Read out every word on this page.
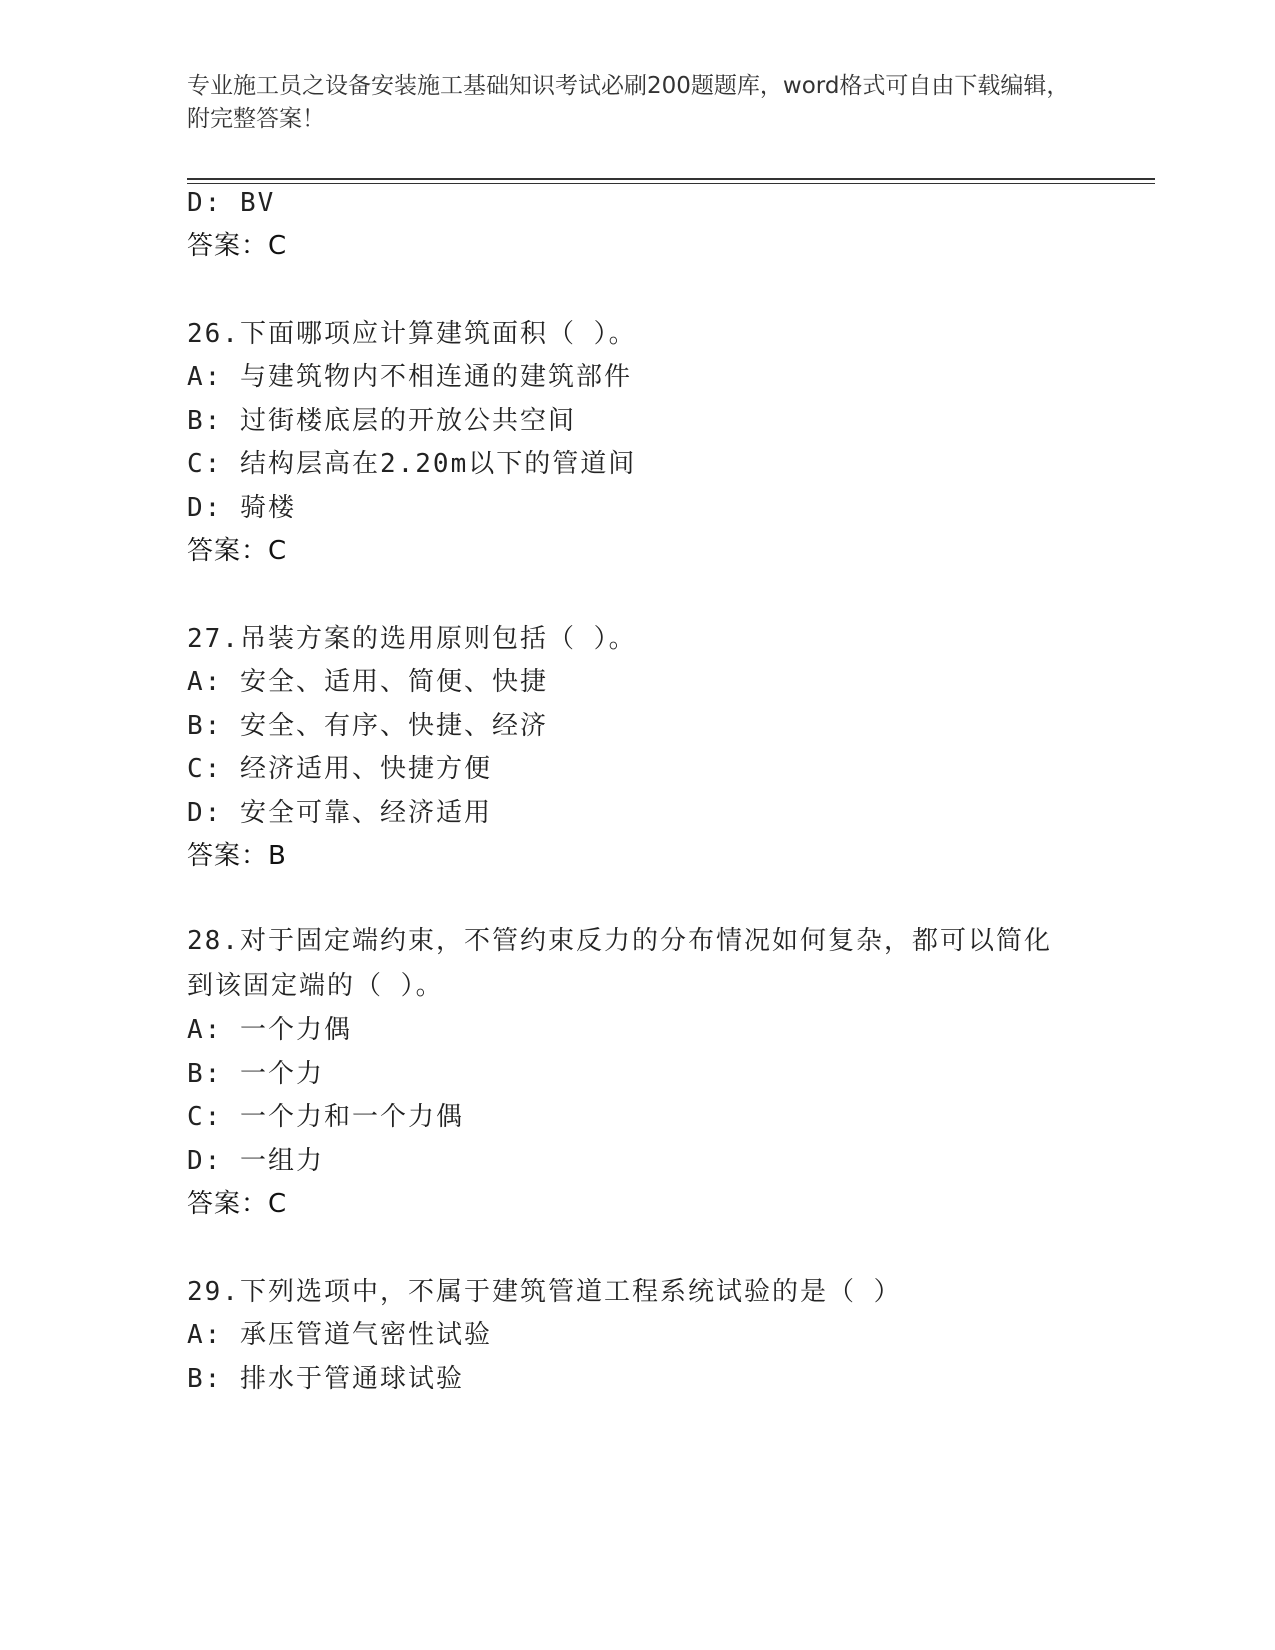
专业施工员之设备安装施工基础知识考试必刷200题题库，word格式可自由下载编辑，附完整答案！
D: BV
答案：C
26.下面哪项应计算建筑面积（ ）。
A: 与建筑物内不相连通的建筑部件
B: 过街楼底层的开放公共空间
C: 结构层高在2.20m以下的管道间
D: 骑楼
答案：C
27.吊装方案的选用原则包括（ ）。
A: 安全、适用、简便、快捷
B: 安全、有序、快捷、经济
C: 经济适用、快捷方便
D: 安全可靠、经济适用
答案：B
28.对于固定端约束，不管约束反力的分布情况如何复杂，都可以简化到该固定端的（ ）。
A: 一个力偶
B: 一个力
C: 一个力和一个力偶
D: 一组力
答案：C
29.下列选项中，不属于建筑管道工程系统试验的是（ ）
A: 承压管道气密性试验
B: 排水于管通球试验
